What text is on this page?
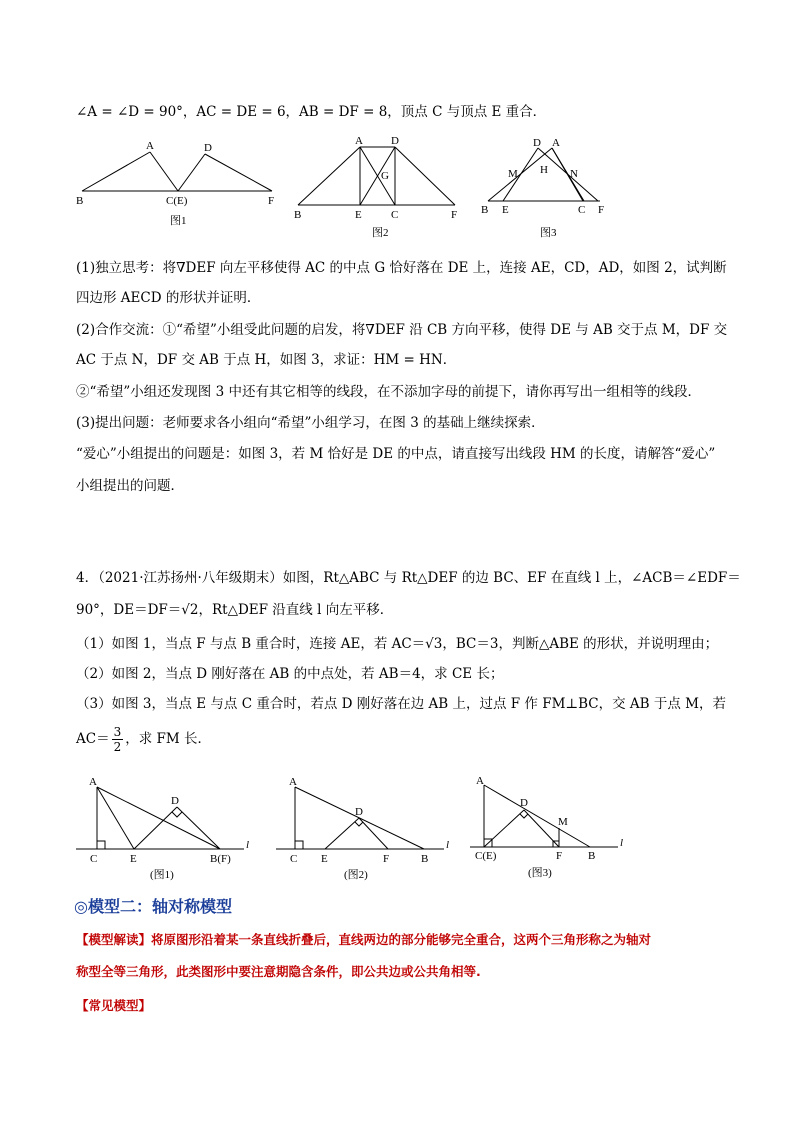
∠A = ∠D = 90°，AC = DE = 6，AB = DF = 8，顶点 C 与顶点 E 重合．
A	D
B	C(E)	F
图1
A	D
G
B	E	C	F
图2
D A
M H N
B E	C F
图3
(1)独立思考：将∇DEF 向左平移使得 AC 的中点 G 恰好落在 DE 上，连接 AE，CD，AD，如图 2，试判断
四边形 AECD 的形状并证明．
(2)合作交流：①“希望”小组受此问题的启发，将∇DEF 沿 CB 方向平移，使得 DE 与 AB 交于点 M，DF 交
AC 于点 N，DF 交 AB 于点 H，如图 3，求证：HM = HN．
②“希望”小组还发现图 3 中还有其它相等的线段，在不添加字母的前提下，请你再写出一组相等的线段．
(3)提出问题：老师要求各小组向“希望”小组学习，在图 3 的基础上继续探索．
“爱心”小组提出的问题是：如图 3，若 M 恰好是 DE 的中点，请直接写出线段 HM 的长度，请解答“爱心”
小组提出的问题．
4．（2021·江苏扬州·八年级期末）如图，Rt△ABC 与 Rt△DEF 的边 BC、EF 在直线 l 上，∠ACB＝∠EDF＝
90°，DE＝DF＝√2，Rt△DEF 沿直线 l 向左平移．
（1）如图 1，当点 F 与点 B 重合时，连接 AE，若 AC＝√3，BC＝3，判断△ABE 的形状，并说明理由；
（2）如图 2，当点 D 刚好落在 AB 的中点处，若 AB＝4，求 CE 长；
（3）如图 3，当点 E 与点 C 重合时，若点 D 刚好落在边 AB 上，过点 F 作 FM⊥BC，交 AB 于点 M，若
$AC= \frac{3}{2}$ ，求 FM 长．
A
D
C	E	B(F)
l
(图1)
A
D
C E	F	B
l
(图2)
A
D
M
C(E)	F B
l
(图3)
◎模型二：轴对称模型
【模型解读】将原图形沿着某一条直线折叠后，直线两边的部分能够完全重合，这两个三角形称之为轴对
称型全等三角形，此类图形中要注意期隐含条件，即公共边或公共角相等.
【常见模型】
